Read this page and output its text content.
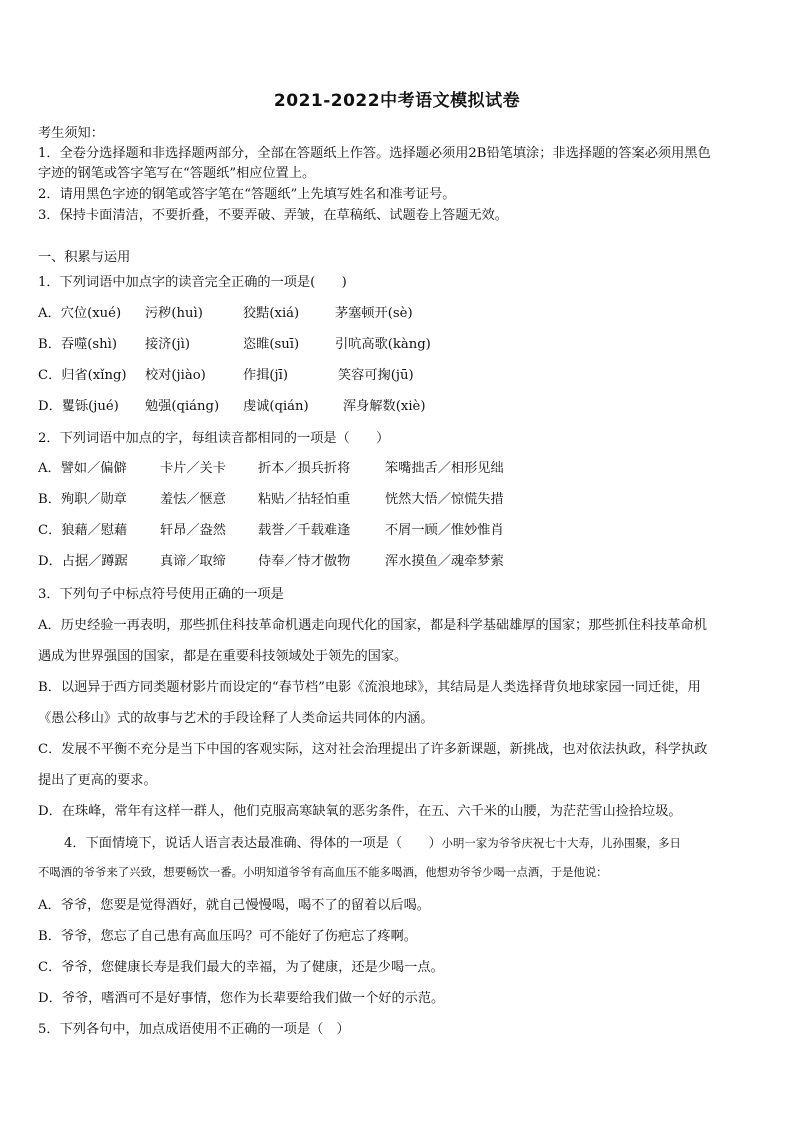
2021-2022中考语文模拟试卷
考生须知：
1．全卷分选择题和非选择题两部分，全部在答题纸上作答。选择题必须用2B铅笔填涂；非选择题的答案必须用黑色
字迹的钢笔或答字笔写在“答题纸”相应位置上。
2．请用黑色字迹的钢笔或答字笔在“答题纸”上先填写姓名和准考证号。
3．保持卡面清洁，不要折叠，不要弄破、弄皱，在草稿纸、试题卷上答题无效。
一、积累与运用
1．下列词语中加点字的读音完全正确的一项是(　　)
A．穴位(xué) 污秽(huì)	狡黠(xiá)	茅塞顿开(sè)
B．吞噬(shì) 接济(jì)	恣睢(suī)	引吭高歌(kàng)
C．归省(xǐng) 校对(jiào)	作揖(jī)	笑容可掬(jū)
D．矍铄(jué) 勉强(qiáng) 虔诚(qián)	浑身解数(xiè)
2．下列词语中加点的字，每组读音都相同的一项是（　　）
A．譬如／偏僻	卡片／关卡 折本／损兵折将	笨嘴拙舌／相形见绌
B．殉职／勋章	羞怯／惬意 粘贴／拈轻怕重	恍然大悟／惊慌失措
C．狼藉／慰藉 轩昂／盎然 载誉／千载难逢	不屑一顾／惟妙惟肖
D．占据／蹲踞 真谛／取缔 侍奉／恃才傲物	浑水摸鱼／魂牵梦萦
3．下列句子中标点符号使用正确的一项是
A．历史经验一再表明，那些抓住科技革命机遇走向现代化的国家，都是科学基础雄厚的国家；那些抓住科技革命机
遇成为世界强国的国家，都是在重要科技领域处于领先的国家。
B．以迥异于西方同类题材影片而设定的“春节档”电影《流浪地球》，其结局是人类选择背负地球家园一同迁徙，用
《愚公移山》式的故事与艺术的手段诠释了人类命运共同体的内涵。
C．发展不平衡不充分是当下中国的客观实际，这对社会治理提出了许多新课题，新挑战，也对依法执政，科学执政
提出了更高的要求。
D．在珠峰，常年有这样一群人，他们克服高寒缺氧的恶劣条件，在五、六千米的山腰，为茫茫雪山捡拾垃圾。
4．下面情境下，说话人语言表达最准确、得体的一项是（　　）小明一家为爷爷庆祝七十大寿，儿孙围聚，多日
不喝酒的爷爷来了兴致，想要畅饮一番。小明知道爷爷有高血压不能多喝酒，他想劝爷爷少喝一点酒，于是他说：
A．爷爷，您要是觉得酒好，就自己慢慢喝，喝不了的留着以后喝。
B．爷爷，您忘了自己患有高血压吗？可不能好了伤疤忘了疼啊。
C．爷爷，您健康长寿是我们最大的幸福，为了健康，还是少喝一点。
D．爷爷，嗜酒可不是好事情，您作为长辈要给我们做一个好的示范。
5．下列各句中，加点成语使用不正确的一项是（　）
